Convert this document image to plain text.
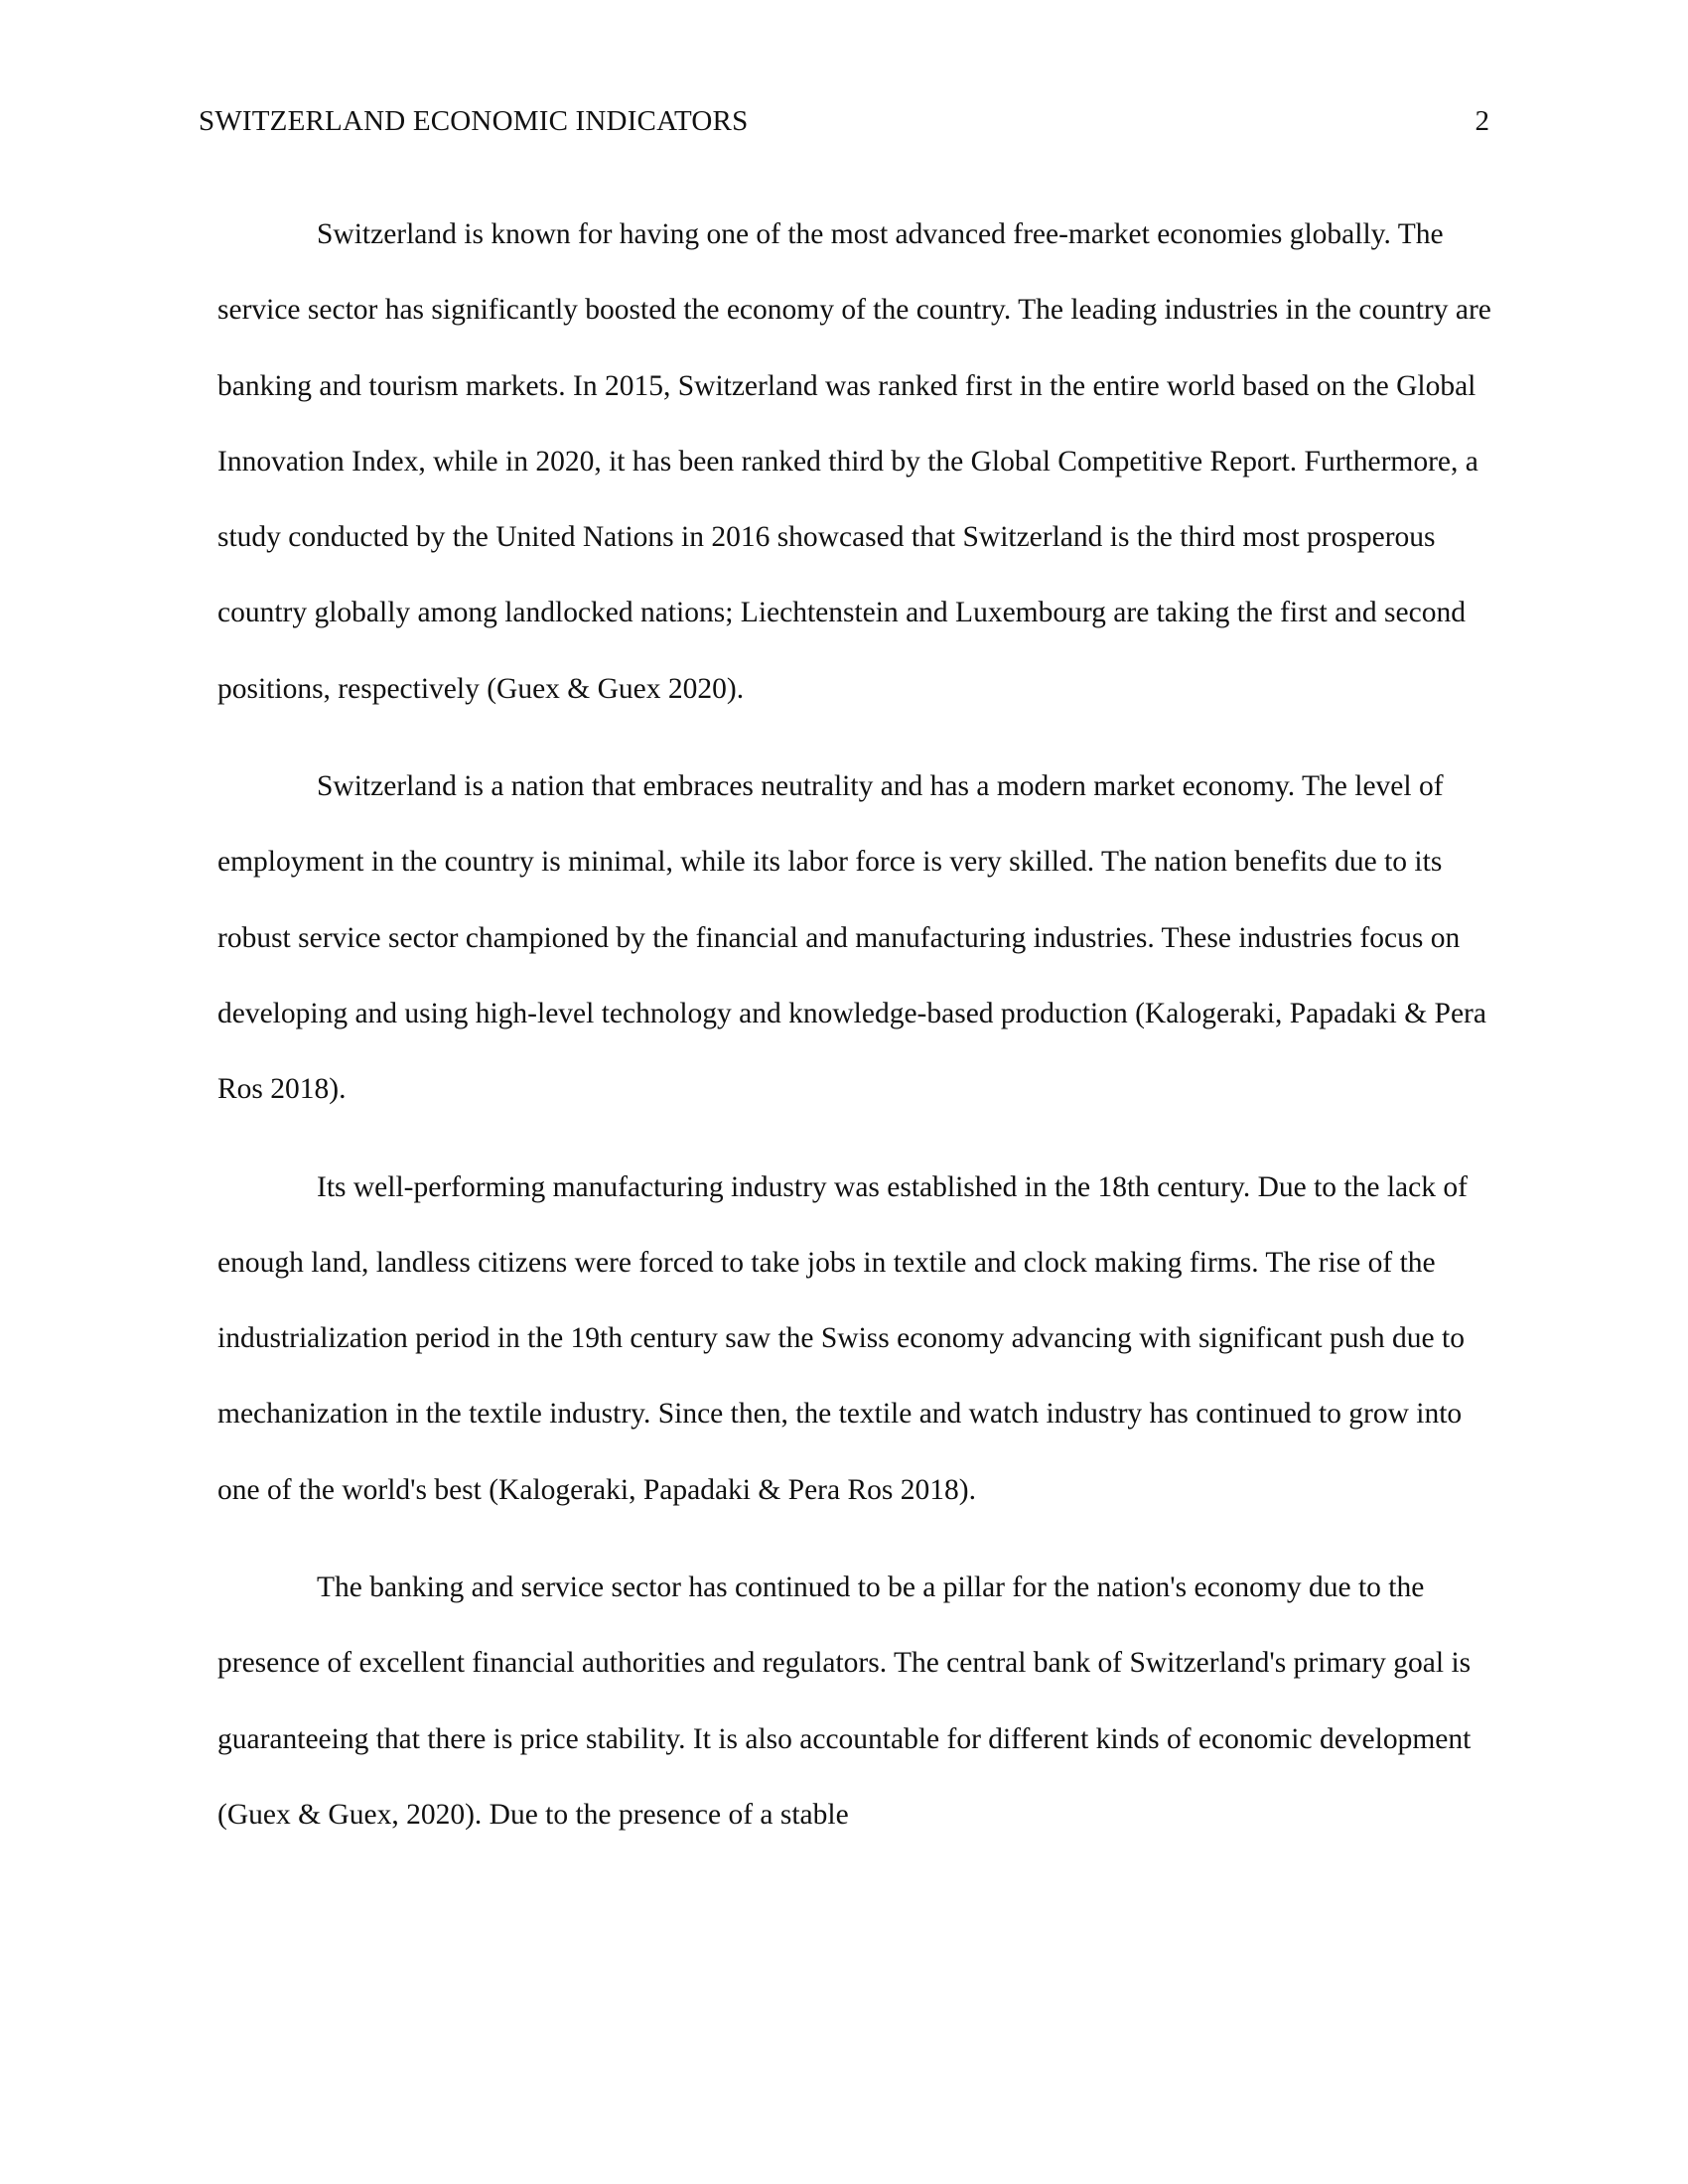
SWITZERLAND ECONOMIC INDICATORS	2

Switzerland is known for having one of the most advanced free-market economies globally. The service sector has significantly boosted the economy of the country. The leading industries in the country are banking and tourism markets. In 2015, Switzerland was ranked first in the entire world based on the Global Innovation Index, while in 2020, it has been ranked third by the Global Competitive Report. Furthermore, a study conducted by the United Nations in 2016 showcased that Switzerland is the third most prosperous country globally among landlocked nations; Liechtenstein and Luxembourg are taking the first and second positions, respectively (Guex & Guex 2020).

Switzerland is a nation that embraces neutrality and has a modern market economy. The level of employment in the country is minimal, while its labor force is very skilled. The nation benefits due to its robust service sector championed by the financial and manufacturing industries. These industries focus on developing and using high-level technology and knowledge-based production (Kalogeraki, Papadaki & Pera Ros 2018).

Its well-performing manufacturing industry was established in the 18th century. Due to the lack of enough land, landless citizens were forced to take jobs in textile and clock making firms. The rise of the industrialization period in the 19th century saw the Swiss economy advancing with significant push due to mechanization in the textile industry. Since then, the textile and watch industry has continued to grow into one of the world's best (Kalogeraki, Papadaki & Pera Ros 2018).

The banking and service sector has continued to be a pillar for the nation's economy due to the presence of excellent financial authorities and regulators. The central bank of Switzerland's primary goal is guaranteeing that there is price stability. It is also accountable for different kinds of economic development (Guex & Guex, 2020). Due to the presence of a stable
